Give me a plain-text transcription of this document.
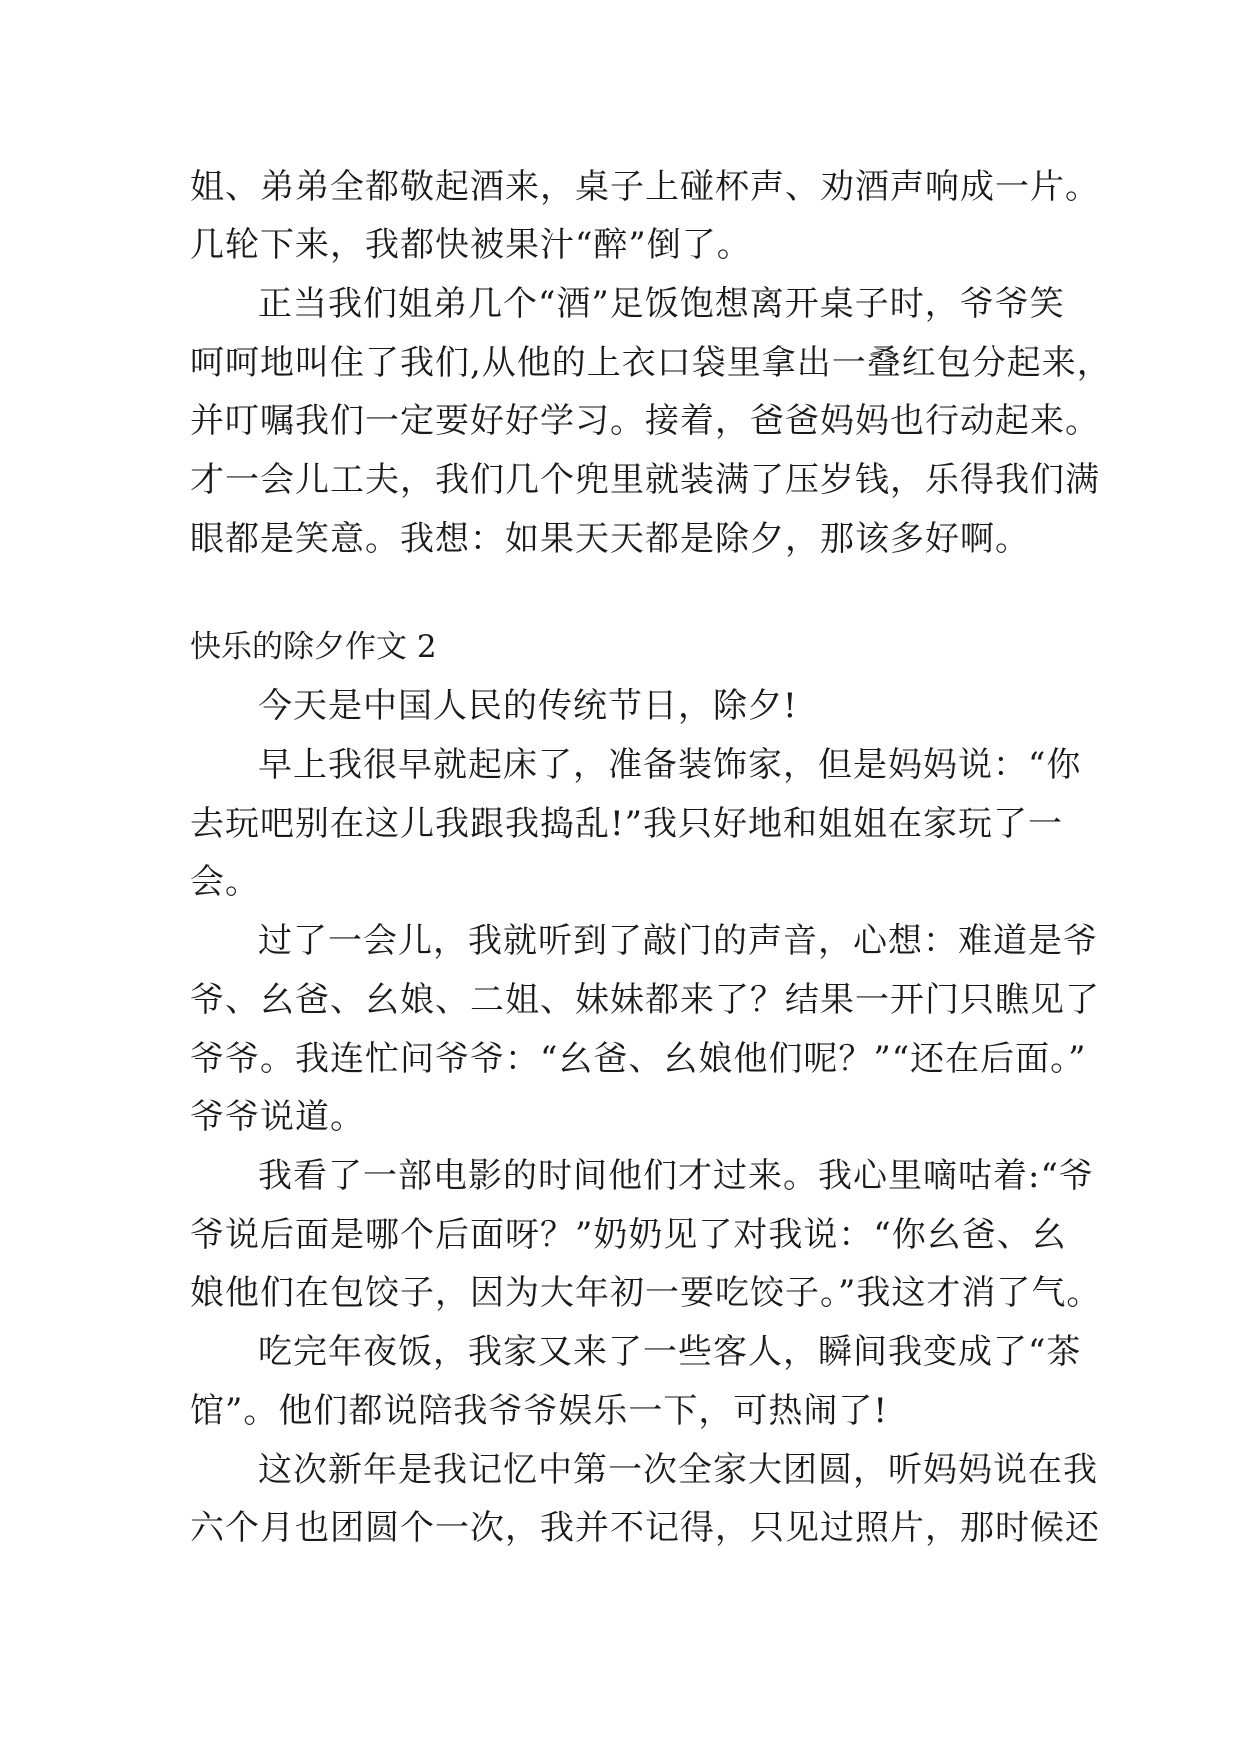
姐、弟弟全都敬起酒来，桌子上碰杯声、劝酒声响成一片。
几轮下来，我都快被果汁“醉”倒了。
正当我们姐弟几个“酒”足饭饱想离开桌子时，爷爷笑
呵呵地叫住了我们,从他的上衣口袋里拿出一叠红包分起来，
并叮嘱我们一定要好好学习。接着，爸爸妈妈也行动起来。
才一会儿工夫，我们几个兜里就装满了压岁钱，乐得我们满
眼都是笑意。我想：如果天天都是除夕，那该多好啊。
快乐的除夕作文 2
今天是中国人民的传统节日，除夕!
早上我很早就起床了，准备装饰家，但是妈妈说：“你
去玩吧别在这儿我跟我捣乱!”我只好地和姐姐在家玩了一
会。
过了一会儿，我就听到了敲门的声音，心想：难道是爷
爷、幺爸、幺娘、二姐、妹妹都来了？结果一开门只瞧见了
爷爷。我连忙问爷爷：“幺爸、幺娘他们呢？”“还在后面。”
爷爷说道。
我看了一部电影的时间他们才过来。我心里嘀咕着:“爷
爷说后面是哪个后面呀？”奶奶见了对我说：“你幺爸、幺
娘他们在包饺子，因为大年初一要吃饺子。”我这才消了气。
吃完年夜饭，我家又来了一些客人，瞬间我变成了“茶
馆”。他们都说陪我爷爷娱乐一下，可热闹了!
这次新年是我记忆中第一次全家大团圆，听妈妈说在我
六个月也团圆个一次，我并不记得，只见过照片，那时候还
